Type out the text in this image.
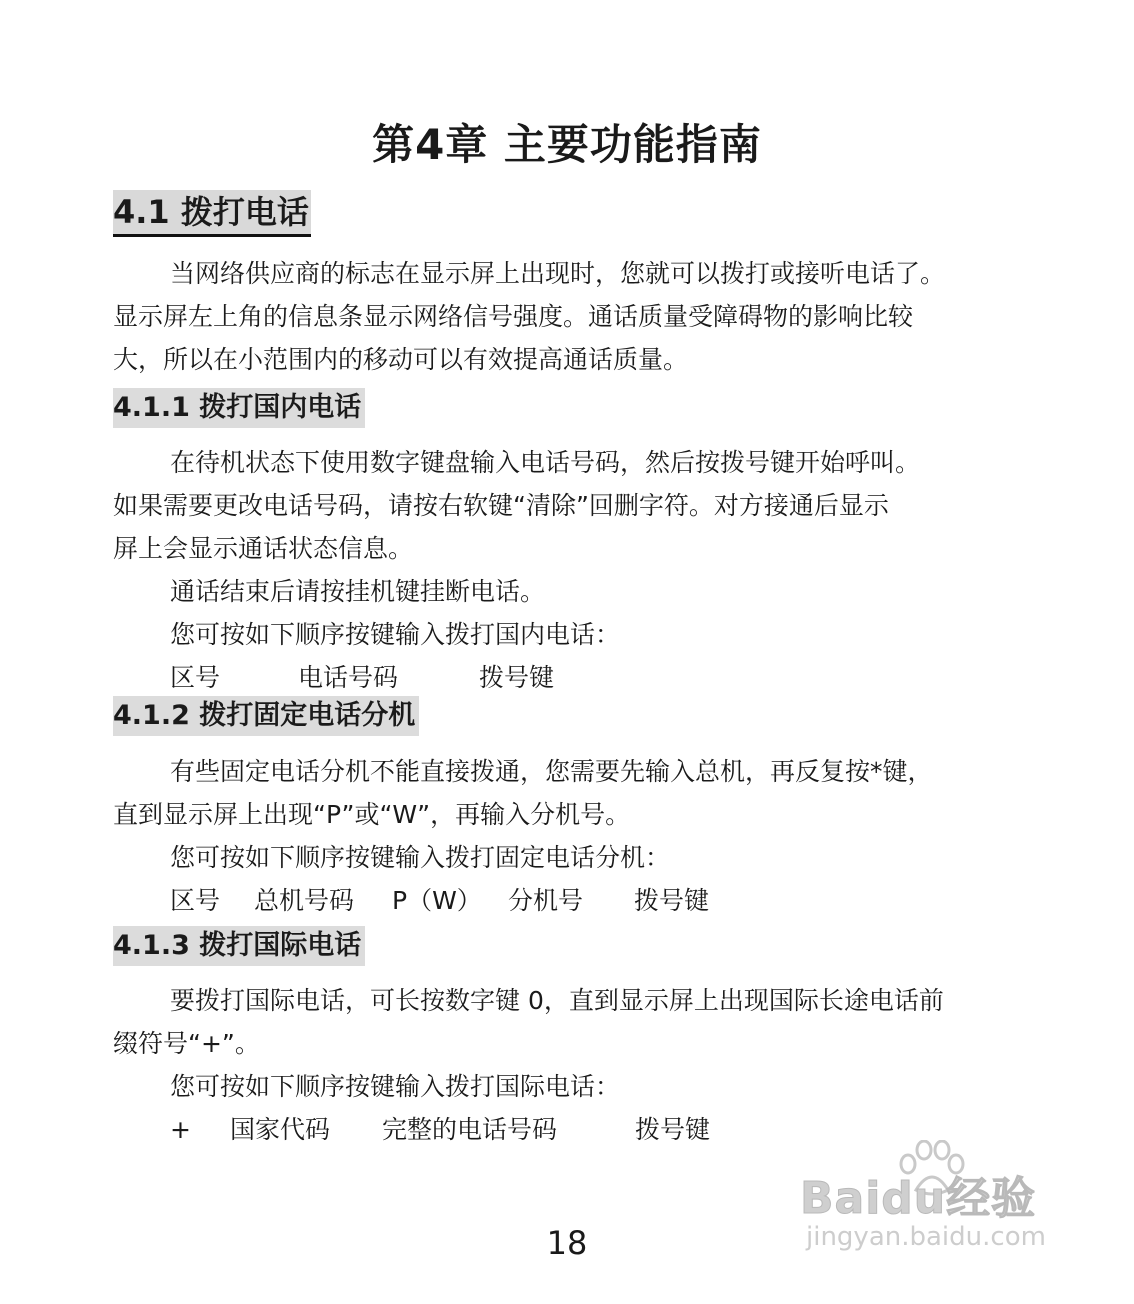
第4章 主要功能指南
4.1 拨打电话

当网络供应商的标志在显示屏上出现时，您就可以拨打或接听电话了。

显示屏左上角的信息条显示网络信号强度。通话质量受障碍物的影响比较

大，所以在小范围内的移动可以有效提高通话质量。

4.1.1 拨打国内电话

在待机状态下使用数字键盘输入电话号码，然后按拨号键开始呼叫。

如果需要更改电话号码，请按右软键“清除”回删字符。对方接通后显示

屏上会显示通话状态信息。

通话结束后请按挂机键挂断电话。

您可按如下顺序按键输入拨打国内电话：

区号	电话号码	拨号键

4.1.2 拨打固定电话分机

有些固定电话分机不能直接拨通，您需要先输入总机，再反复按*键，

直到显示屏上出现“P”或“W”，再输入分机号。

您可按如下顺序按键输入拨打固定电话分机：

区号 总机号码 P（W） 分机号 拨号键

4.1.3 拨打国际电话

要拨打国际电话，可长按数字键 0，直到显示屏上出现国际长途电话前

缀符号“+”。

您可按如下顺序按键输入拨打国际电话：

+ 国家代码 完整的电话号码	拨号键

18
Baidu经验
jingyan.baidu.com
